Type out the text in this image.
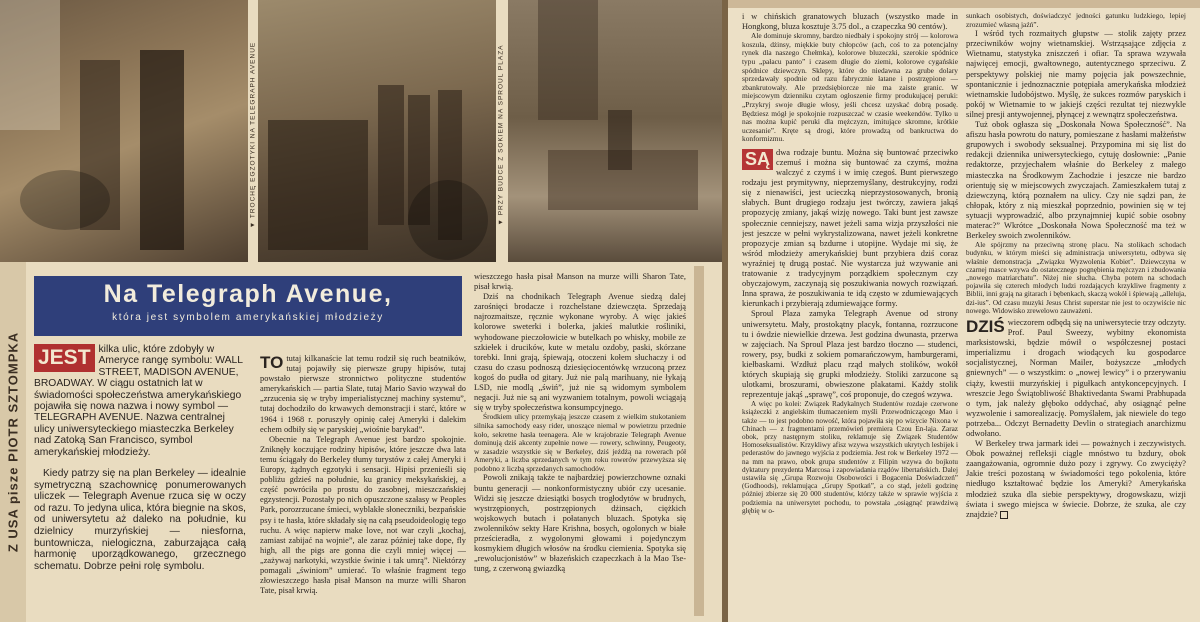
▼ TROCHĘ EGZOTYKI NA TELEGRAPH AVENUE	▼ PRZY BUDCE Z SOKIEM NA SPROUL PLAZA
Z USA pisze PIOTR SZTOMPKA
Na Telegraph Avenue,
która jest symbolem amerykańskiej młodzieży
JEST kilka ulic, które zdobyły w Ameryce rangę symbolu: WALL STREET, MADISON AVENUE, BROADWAY. W ciągu ostatnich lat w świadomości społeczeństwa amerykańskiego pojawiła się nowa nazwa i nowy symbol — TELEGRAPH AVENUE. Nazwa centralnej ulicy uniwersyteckiego miasteczka Berkeley nad Zatoką San Francisco, symbol amerykańskiej młodzieży.

Kiedy patrzy się na plan Berkeley — idealnie symetryczną szachownicę ponumerowanych uliczek — Telegraph Avenue rzuca się w oczy od razu. To jedyna ulica, która biegnie na skos, od uniwersytetu aż daleko na południe, ku dzielnicy murzyńskiej — niesforna, buntownicza, nielogiczna, zaburzająca całą harmonię uporządkowanego, grzecznego schematu. Dobrze pełni rolę symbolu.

TO tutaj kilkanaście lat temu rodził się ruch beatników, tutaj pojawiły się pierwsze grupy hipisów, tutaj powstało pierwsze stronnictwo polityczne studentów amerykańskich — partia Slate, tutaj Mario Savio wzywał do „zrzucenia się w tryby imperialistycznej machiny systemu”, tutaj dochodziło do krwawych demonstracji i starć, które w 1964 i 1968 r. poruszyły opinię całej Ameryki i dalekim echem odbiły się w paryskiej „wiośnie barykad”.

Obecnie na Telegraph Avenue jest bardzo spokojnie. Zniknęły koczujące rodziny hipisów, które jeszcze dwa lata temu ściągały do Berkeley tłumy turystów z całej Ameryki i Europy, żądnych egzotyki i sensacji. Hipisi przenieśli się pobliżu gdzieś na południe, ku granicy meksykańskiej, a część powróciła po prostu do zasobnej, mieszczańskiej egzystencji. Pozostały po nich opuszczone szałasy w Peoples Park, porozrzucane śmieci, wyblakłe słoneczniki, bezpańskie psy i te hasła, które składały się na całą pseudoideologię tego ruchu. A więc napierw make love, not war czyli „kochaj, zamiast zabijać na wojnie”, ale zaraz później take dope, fly high, all the pigs are gonna die czyli mniej więcej — „zażywaj narkotyki, wzystkie świnie i tak umrą”. Niektórzy pomagali „świniom” umierać. To właśnie fragment tego złowieszczego hasła pisał Manson na murze willi Sharon Tate, pisał krwią.

wieszczego hasła pisał Manson na murze willi Sharon Tate, pisał krwią.

Dziś na chodnikach Telegraph Avenue siedzą dalej zarośnięci brodacze i rozchelstane dziewczęta. Sprzedają najrozmaitsze, ręcznie wykonane wyroby. A więc jakieś kolorowe sweterki i bolerka, jakieś malutkie rośliniki, wyhodowane pieczołowicie w butelkach po whisky, mobile ze szkiełek i drucików, kute w metalu ozdoby, paski, skórzane torebki. Inni grają, śpiewają, otoczeni kołem słuchaczy i od czasu do czasu podnoszą dziesięciocentówkę wrzuconą przez kogoś do pudła od gitary. Już nie palą marihuany, nie łykają LSD, nie modlą „świń”, już nie są widomym symbolem negacji. Już nie są ani wyzwaniem totalnym, powoli wciągają się w tryby społeczeństwa konsumpcyjnego.

Środkiem ulicy przemykają jeszcze czasem z wielkim stukotaniem silnika samochody easy rider, unoszące niemal w powietrzu przednie koło, sekretne hasła teenagera. Ale w krajobrazie Telegraph Avenue dominują dziś akcenty zupełnie nowe — rowery, schwinny, Peugeoty, w zasadzie wszystkie się w Berkeley, dziś jeżdżą na rowerach pół Ameryki, a liczba sprzedanych w tym roku rowerów przewyższa się podobno z liczbą sprzedanych samochodów.

Powoli znikają także te najbardziej powierzchowne oznaki buntu generacji — nonkonformistyczny ubiór czy ucesanie. Widzi się jeszcze dziesiątki bosych trogłodytów w brudnych, wystrzępionych, postrzępionych dżinsach, ciężkich wojskowych butach i połatanych bluzach. Spotyka się zwolenników sekty Hare Krishna, bosych, ogolonych w białe prześcieradła, z wygolonymi głowami i pojedynczym kosmykiem długich włosów na środku ciemienia. Spotyka się „rewolucjonistów” w błazeńskich czapeczkach à la Mao Tse-tung, z czerwoną gwiazdką

i w chińskich granatowych bluzach (wszystko made in Hongkong, bluza kosztuje 3.75 dol., a czapeczka 90 centów).

Ale dominuje skromny, bardzo niedbały i spokojny strój — kolorowa koszula, dżinsy, miękkie buty chłopców (ach, coś to za potencjalny rynek dla naszego Chełmka), kolorowe bluzeczki, szerokie spódnice typu „pałacu panto” i czasem długie do ziemi, kolorowe cygańskie spódnice dziewczyn. Sklepy, które do niedawna za grube dolary sprzedawały spodnie od razu fabrycznie łatane i postrzępione — zbankrutowały. Ale przedsiębiorcze nie ma zaiste granic. W miejscowym dzienniku czytam ogłoszenie firmy produkującej peruki: „Przykryj swoje długie włosy, jeśli chcesz uzyskać dobrą posadę. Będziesz mógł je spokojnie rozpuszczać w czasie weekendów. Tylko u nas można kupić peruki dla mężczyzn, imitujące skromne, krótkie uczesanie”. Kręte są drogi, które prowadzą od bankructwa do konformizmu.

SĄ dwa rodzaje buntu. Można się buntować przeciwko czemuś i można się buntować za czymś, można walczyć z czymś i w imię czegoś. Bunt pierwszego rodzaju jest prymitywny, nieprzemyślany, destrukcyjny, rodzi się z nienawiści, jest ucieczką nieprzystosowanych, bronią słabych. Bunt drugiego rodzaju jest twórczy, zawiera jakąś propozycję zmiany, jakąś wizję nowego. Taki bunt jest zawsze społecznie cenniejszy, nawet jeżeli sama wizja przyszłości nie jest jeszcze w pełni wykrystalizowana, nawet jeżeli konkretne propozycje zmian są bzdurne i utopijne. Wydaje mi się, że wśród młodzieży amerykańskiej bunt przybiera dziś coraz wyraźniej tę drugą postać. Nie wystarcza już wzywanie ani tratowanie z tradycyjnym porządkiem społecznym czy obyczajowym, zaczynają się poszukiwania nowych rozwiązań. Inna sprawa, że poszukiwania te idą często w zdumiewających kierunkach i przybierają zdumiewające formy.

Sproul Plaza zamyka Telegraph Avenue od strony uniwersytetu. Mały, prostokątny placyk, fontanna, rozrzucone tu i ówdzie niewielkie drzewa. Jest godzina dwunasta, przerwa w zajęciach. Na Sproul Plaza jest bardzo tłoczno — studenci, rowery, psy, budki z sokiem pomarańczowym, hamburgerami, kiełbaskami. Wzdłuż placu rząd małych stolików, wokół których skupiają się grupki młodzieży. Stoliki zarzucone są ulotkami, broszurami, obwieszone plakatami. Każdy stolik reprezentuje jakąś „sprawę”, coś proponuje, do czegoś wzywa.

A więc po kolei: Związek Radykalnych Studentów rozdaje czerwone książeczki z angielskim tłumaczeniem myśli Przewodniczącego Mao i także — to jest podobno nowość, która pojawiła się po wizycie Nixona w Chinach — z fragmentami przemówień premiera Czou En-laja. Zaraz obok, przy następnym stoliku, reklamuje się Związek Studentów Homoseksualistów. Krzykliwy afisz wzywa wszystkich ukrytych lesbijek i pederastów do jawnego wyjścia z podziemia. Jest rok w Berkeley 1972 — na mm na prawo, obok grupa studentów z Filipin wzywa do bojkotu dyktatury prezydenta Marcosa i zapowiadania rządów libertańskich. Dalej ustawiła się „Grupa Rozwoju Osobowości i Bogacenia Doświadczeń” (Godhoods), reklamująca „Grupy Spotkań”, a co stąd, jeżeli godzinę później zbierze się 20 000 studentów, którzy także w sprawie wyjścia z podziemia na uniwersytet pochodu, to powstała „osiągnąć prawdziwą głębię w o-

sunkach osobistych, doświadczyć jedności gatunku ludzkiego, lepiej zrozumieć własną jaźń”.

I wśród tych rozmaitych głupstw — stolik zajęty przez przeciwników wojny wietnamskiej. Wstrząsające zdjęcia z Wietnamu, statystyka zniszczeń i ofiar. Ta sprawa wzywała najwięcej emocji, gwałtownego, autentycznego sprzeciwu. Z perspektywy polskiej nie mamy pojęcia jak powszechnie, spontanicznie i jednoznacznie potępiała amerykańska młodzież wietnamskie ludobójstwo. Myślę, że sukces rozmów paryskich i pokój w Wietnamie to w jakiejś części rezultat tej niezwykle silnej presji antywojennej, płynącej z wewnątrz społeczeństwa.

Tuż obok ogłasza się „Doskonała Nowa Społeczność”. Na afiszu hasła powrotu do natury, pomieszane z hasłami małżeństw grupowych i swobody seksualnej. Przypomina mi się list do redakcji dziennika uniwersyteckiego, cytuję dosłownie: „Panie redaktorze, przyjechałem właśnie do Berkeley z małego miasteczka na Środkowym Zachodzie i jeszcze nie bardzo orientuję się w miejscowych zwyczajach. Zamieszkałem tutaj z dziewczyną, którą poznałem na ulicy. Czy nie sądzi pan, że chłopak, który z nią mieszkał poprzednio, powinien się w tej sytuacji wyprowadzić, albo przynajmniej kupić sobie osobny materac?” Wkrótce „Doskonała Nowa Społeczność ma też w Berkeley swoich zwolenników.

Ale spójrzmy na przeciwną stronę placu. Na stolikach schodach budynku, w którym mieści się administracja uniwersytetu, odbywa się właśnie demonstracja „Związku Wyzwolenia Kobiet”. Dziewczyna w czarnej masce wzywa do ostatecznego pognębienia mężczyzn i zbudowania „nowego matriarchatu”. Niżej nie słucha. Chyba potem na schodach pojawiła się czterech młodych ludzi rozdających krzykliwe fragmenty z Biblii, inni grają na gitarach i bębenkach, skaczą wokół i śpiewają „alleluja, dzi-ius”. Od czasu muzyki Jesus Christ superstar nie jest to oczywiście nic nowego. Widowisko zrewelowo zauważeni.

DZIŚ wieczorem odbędą się na uniwersytecie trzy odczyty. Prof. Paul Sweezy, wybitny ekonomista marksistowski, będzie mówił o współczesnej postaci imperializmu i drogach wiodących ku gospodarce socjalistycznej, Norman Mailer, bożyszcze „młodych gniewnych” — o wszystkim: o „nowej lewicy” i o przerywaniu ciąży, kwestii murzyńskiej i pigułkach antykoncepcyjnych. I wreszcie Jego Świątobliwość Bhaktivedanta Swami Prabhupada o tym, jak należy głęboko oddychać, aby osiągnąć pełne wyzwolenie i samorealizację. Pomyślałem, jak niewiele do tego potrzeba... Odczyt Bernadetty Devlin o strategiach anarchizmu odwołano.

W Berkeley trwa jarmark idei — poważnych i zeczywistych. Obok poważnej refleksji ciągle mnóstwo tu bzdury, obok zaangażowania, ogromnie dużo pozy i zgrywy. Co zwycięży? Jakie treści pozostaną w świadomości tego pokolenia, które niedługo kształtować będzie los Ameryki? Amerykańska młodzież szuka dla siebie perspektywy, drogowskazu, wizji świata i swego miejsca w świecie. Dobrze, że szuka, ale czy znajdzie?
